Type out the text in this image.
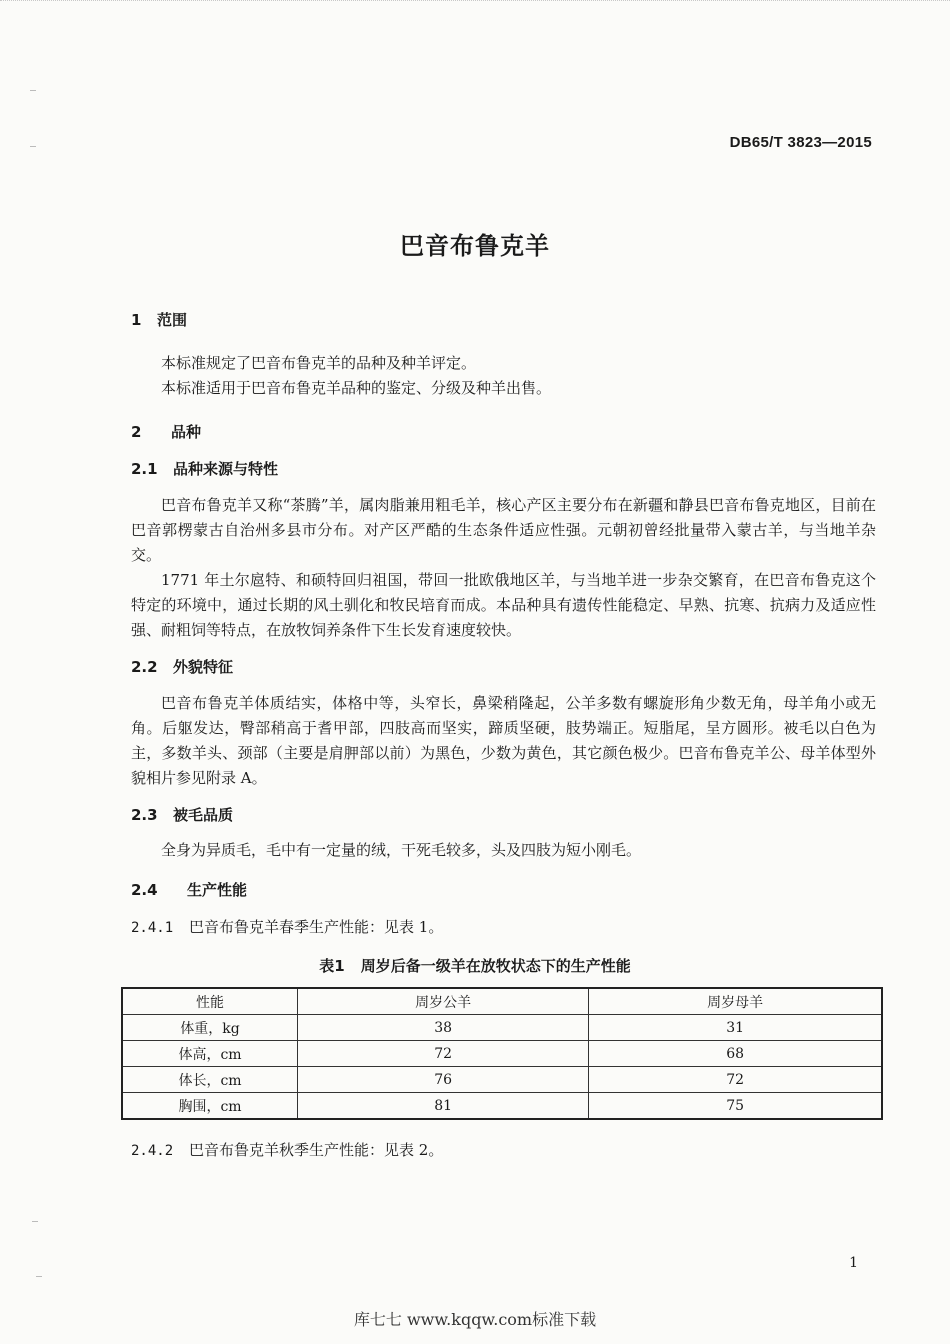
DB65/T 3823—2015
巴音布鲁克羊
1 范围
本标准规定了巴音布鲁克羊的品种及种羊评定。
本标准适用于巴音布鲁克羊品种的鉴定、分级及种羊出售。
2 品种
2.1 品种来源与特性

巴音布鲁克羊又称“茶腾”羊，属肉脂兼用粗毛羊，核心产区主要分布在新疆和静县巴音布鲁克地区，目前在巴音郭楞蒙古自治州多县市分布。对产区严酷的生态条件适应性强。元朝初曾经批量带入蒙古羊，与当地羊杂交。

1771 年土尔扈特、和硕特回归祖国，带回一批欧俄地区羊，与当地羊进一步杂交繁育，在巴音布鲁克这个特定的环境中，通过长期的风土驯化和牧民培育而成。本品种具有遗传性能稳定、早熟、抗寒、抗病力及适应性强、耐粗饲等特点，在放牧饲养条件下生长发育速度较快。

2.2 外貌特征

巴音布鲁克羊体质结实，体格中等，头窄长，鼻梁稍隆起，公羊多数有螺旋形角少数无角，母羊角小或无角。后躯发达，臀部稍高于耆甲部，四肢高而坚实，蹄质坚硬，肢势端正。短脂尾，呈方圆形。被毛以白色为主，多数羊头、颈部（主要是肩胛部以前）为黑色，少数为黄色，其它颜色极少。巴音布鲁克羊公、母羊体型外貌相片参见附录 A。

2.3 被毛品质
全身为异质毛，毛中有一定量的绒，干死毛较多，头及四肢为短小刚毛。
2.4 生产性能
2.4.1 巴音布鲁克羊春季生产性能：见表 1。
表1 周岁后备一级羊在放牧状态下的生产性能
性能	周岁公羊	周岁母羊
体重，kg	38	31
体高，cm	72	68
体长，cm	76	72
胸围，cm	81	75
2.4.2 巴音布鲁克羊秋季生产性能：见表 2。
1
库七七 www.kqqw.com标准下载
